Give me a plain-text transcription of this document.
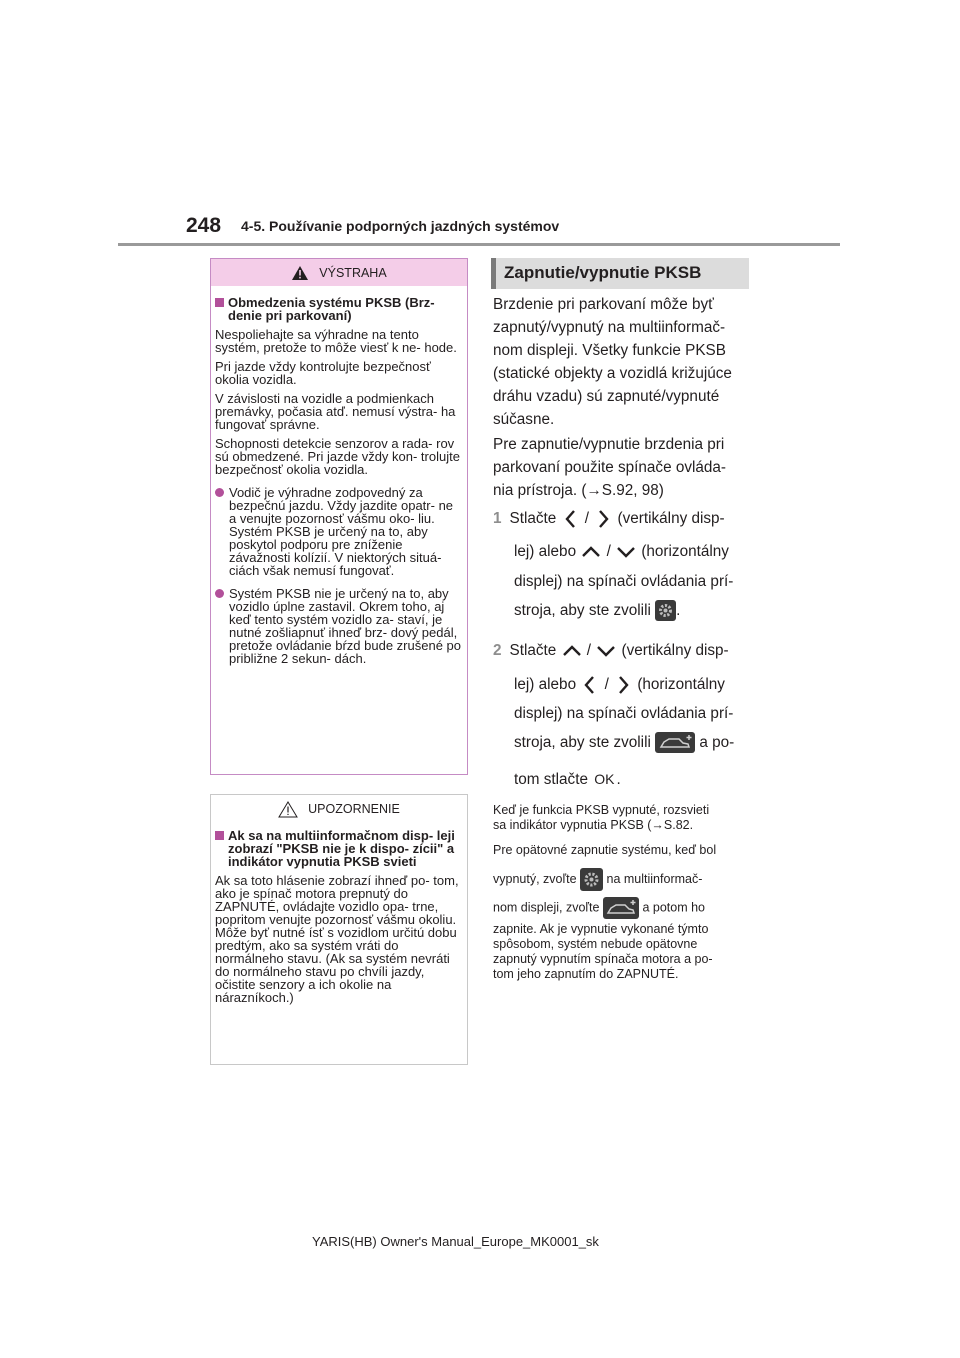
248 4-5. Používanie podporných jazdných systémov
VÝSTRAHA
Obmedzenia systému PKSB (Brz- denie pri parkovaní)

Nespoliehajte sa výhradne na tento systém, pretože to môže viesť k ne- hode.

Pri jazde vždy kontrolujte bezpečnosť okolia vozidla.

V závislosti na vozidle a podmienkach premávky, počasia atď. nemusí výstra- ha fungovať správne.

Schopnosti detekcie senzorov a rada- rov sú obmedzené. Pri jazde vždy kon- trolujte bezpečnosť okolia vozidla.

Vodič je výhradne zodpovedný za bezpečnú jazdu. Vždy jazdite opatr- ne a venujte pozornosť vášmu oko- liu. Systém PKSB je určený na to, aby poskytol podporu pre zníženie závažnosti kolízií. V niektorých situá- ciách však nemusí fungovať.
Systém PKSB nie je určený na to, aby vozidlo úplne zastavil. Okrem toho, aj keď tento systém vozidlo za- staví, je nutné zošliapnuť ihneď brz- dový pedál, pretože ovládanie bŕzd bude zrušené po približne 2 sekun- dách.
UPOZORNENIE
Ak sa na multiinformačnom disp- leji zobrazí "PKSB nie je k dispo- zícii" a indikátor vypnutia PKSB svieti

Ak sa toto hlásenie zobrazí ihneď po- tom, ako je spínač motora prepnutý do ZAPNUTÉ, ovládajte vozidlo opa- trne, popritom venujte pozornosť vášmu okoliu. Môže byť nutné ísť s vozidlom určitú dobu predtým, ako sa systém vráti do normálneho stavu. (Ak sa systém nevráti do normálneho stavu po chvíli jazdy, očistite senzory a ich okolie na nárazníkoch.)

Zapnutie/vypnutie PKSB
Brzdenie pri parkovaní môže byť
zapnutý/vypnutý na multiinformač-
nom displeji. Všetky funkcie PKSB
(statické objekty a vozidlá križujúce
dráhu vzadu) sú zapnuté/vypnuté
súčasne.
Pre zapnutie/vypnutie brzdenia pri
parkovaní použite spínače ovláda-
nia prístroja. (→S.92, 98)
1 Stlačte / (vertikálny disp-
lej) alebo / (horizontálny
displej) na spínači ovládania prí-
stroja, aby ste zvolili .
2 Stlačte / (vertikálny disp-
lej) alebo / (horizontálny
displej) na spínači ovládania prí-
stroja, aby ste zvolili	a po-
tom stlačte OK .
Keď je funkcia PKSB vypnuté, rozsvieti
sa indikátor vypnutia PKSB (→S.82.
Pre opätovné zapnutie systému, keď bol
vypnutý, zvoľte na multiinformač-
nom displeji, zvoľte	a potom ho
zapnite. Ak je vypnutie vykonané týmto
spôsobom, systém nebude opätovne
zapnutý vypnutím spínača motora a po-
tom jeho zapnutím do ZAPNUTÉ.
YARIS(HB) Owner's Manual_Europe_MK0001_sk
